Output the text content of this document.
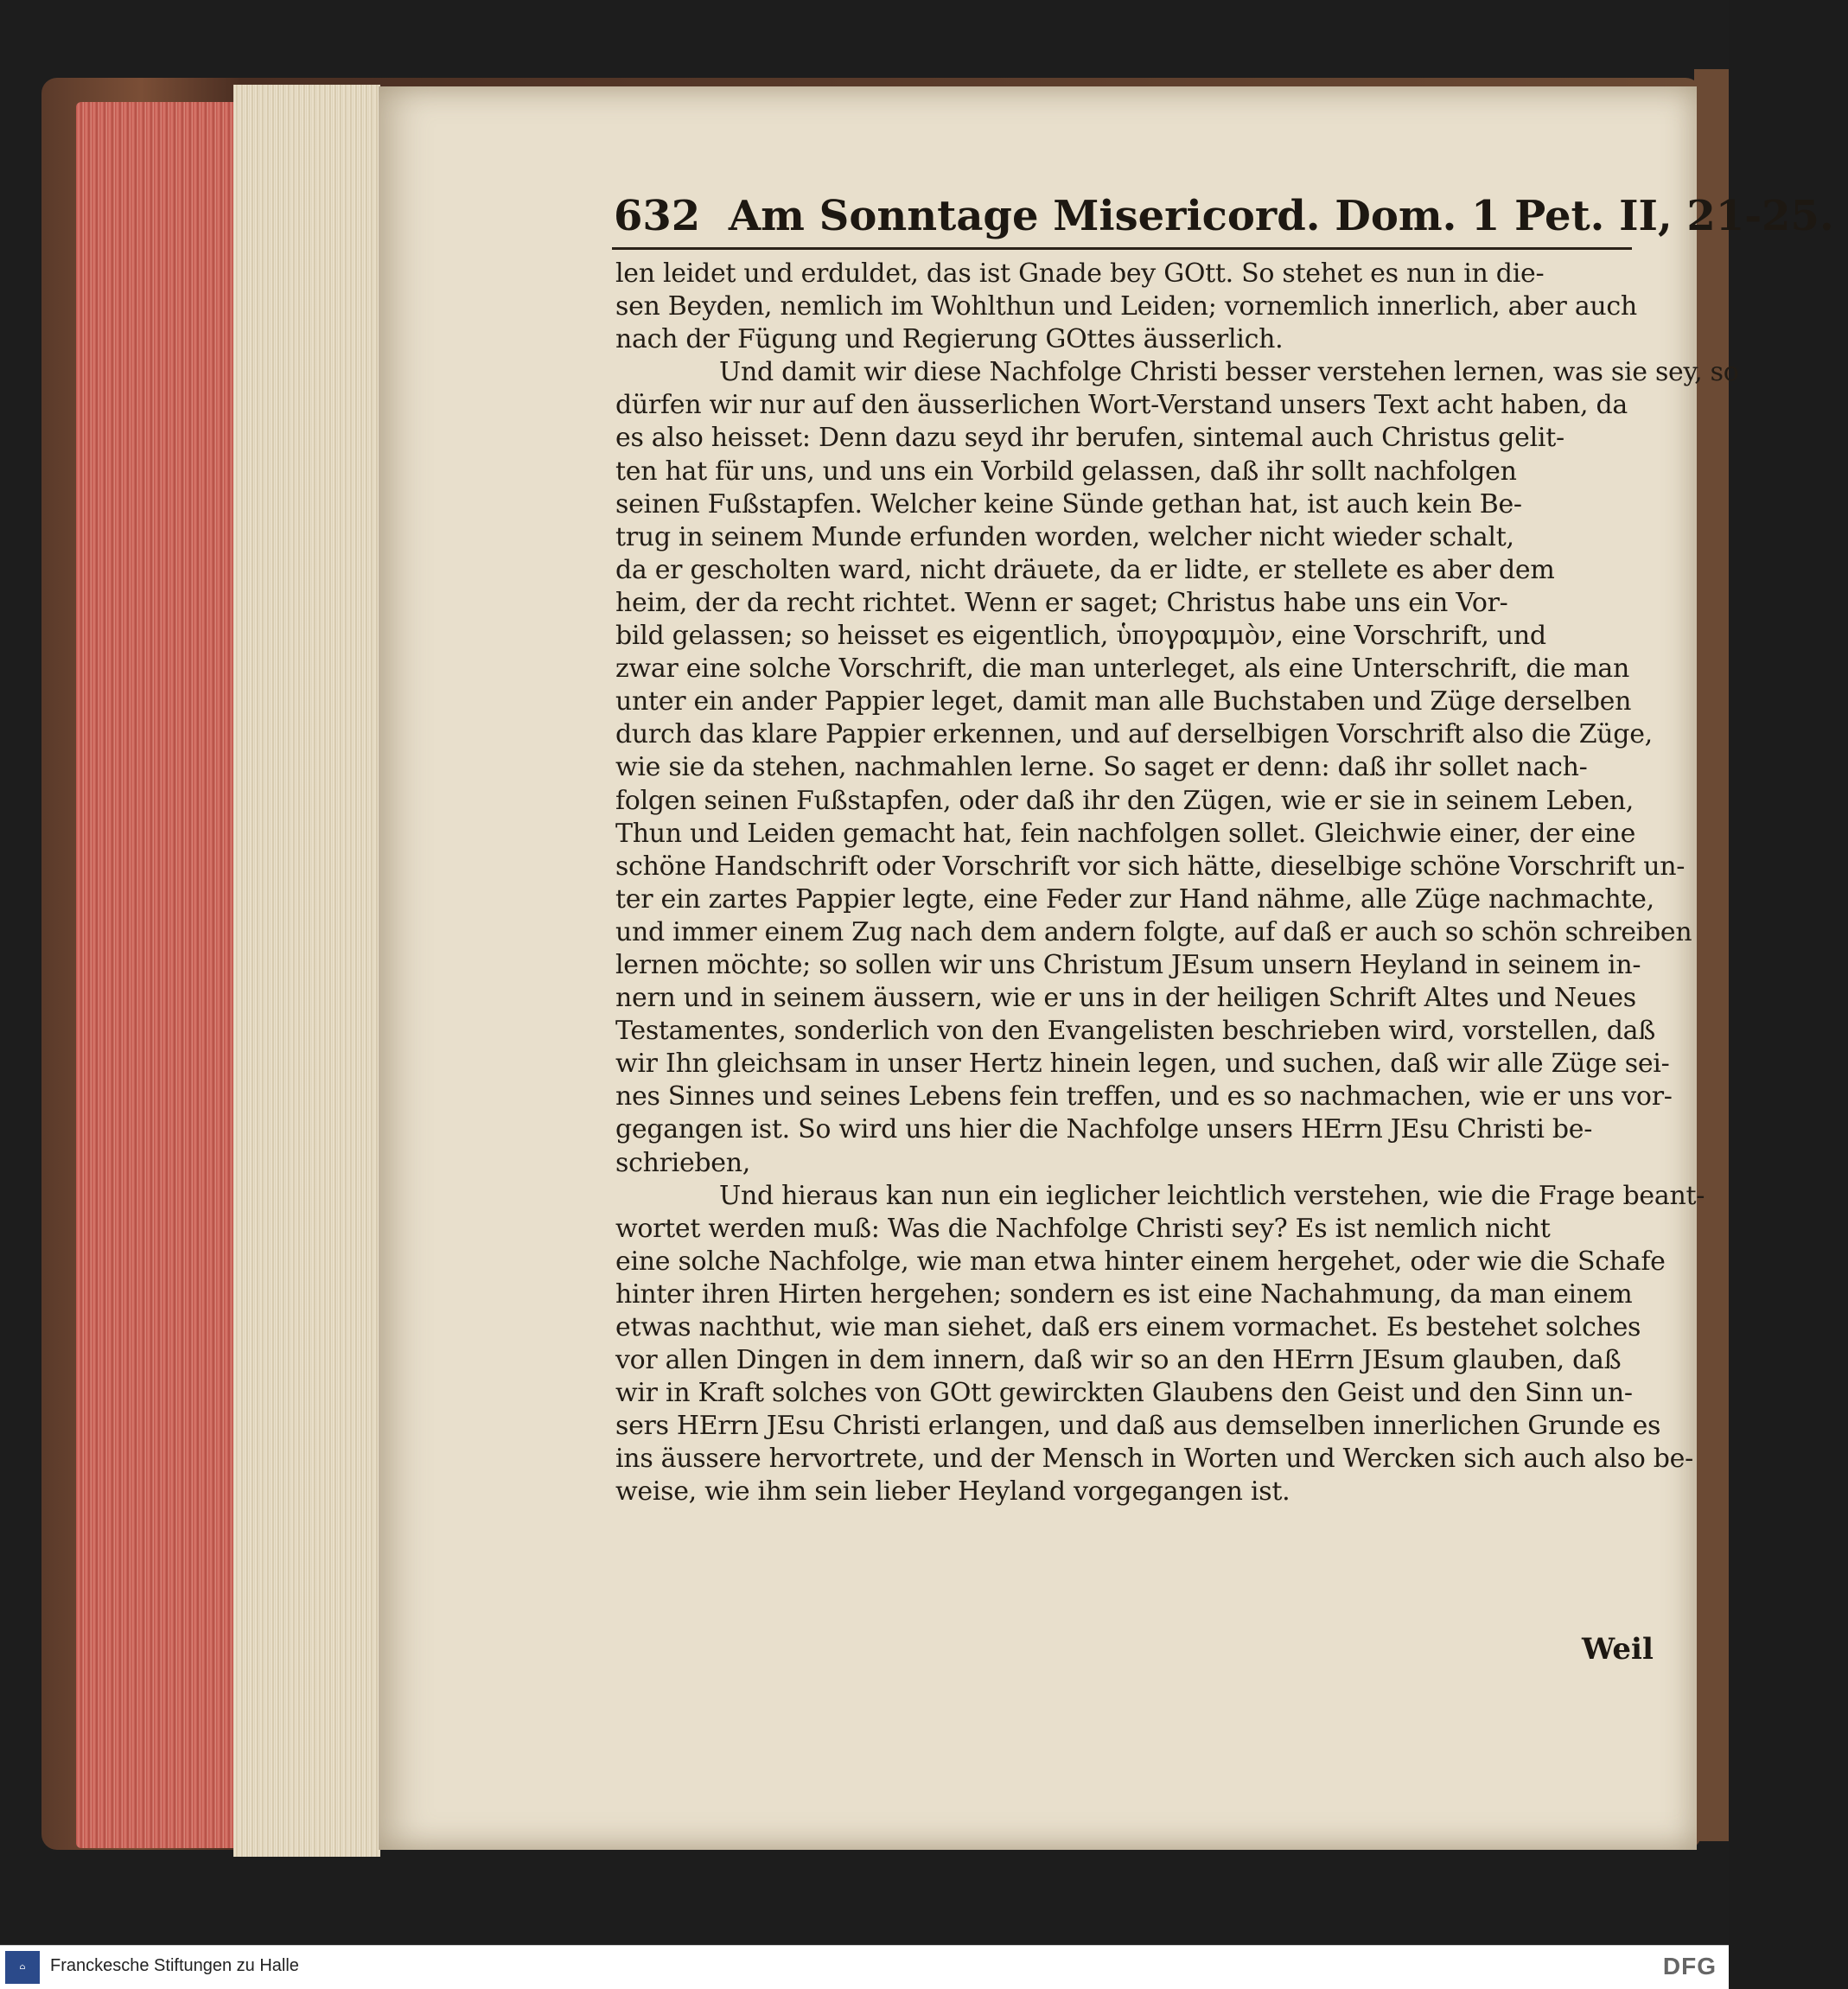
632 Am Sonntage Misericord. Dom. 1 Pet. II, 21-25.
len leidet und erduldet, das ist Gnade bey GOtt. So stehet es nun in die-
sen Beyden, nemlich im Wohlthun und Leiden; vornemlich innerlich, aber auch
nach der Fügung und Regierung GOttes äusserlich.
Und damit wir diese Nachfolge Christi besser verstehen lernen, was sie sey, so
dürfen wir nur auf den äusserlichen Wort-Verstand unsers Text acht haben, da
es also heisset: Denn dazu seyd ihr berufen, sintemal auch Christus gelit-
ten hat für uns, und uns ein Vorbild gelassen, daß ihr sollt nachfolgen
seinen Fußstapfen. Welcher keine Sünde gethan hat, ist auch kein Be-
trug in seinem Munde erfunden worden, welcher nicht wieder schalt,
da er gescholten ward, nicht dräuete, da er lidte, er stellete es aber dem
heim, der da recht richtet. Wenn er saget; Christus habe uns ein Vor-
bild gelassen; so heisset es eigentlich, ὑπογραμμὸν, eine Vorschrift, und
zwar eine solche Vorschrift, die man unterleget, als eine Unterschrift, die man
unter ein ander Pappier leget, damit man alle Buchstaben und Züge derselben
durch das klare Pappier erkennen, und auf derselbigen Vorschrift also die Züge,
wie sie da stehen, nachmahlen lerne. So saget er denn: daß ihr sollet nach-
folgen seinen Fußstapfen, oder daß ihr den Zügen, wie er sie in seinem Leben,
Thun und Leiden gemacht hat, fein nachfolgen sollet. Gleichwie einer, der eine
schöne Handschrift oder Vorschrift vor sich hätte, dieselbige schöne Vorschrift un-
ter ein zartes Pappier legte, eine Feder zur Hand nähme, alle Züge nachmachte,
und immer einem Zug nach dem andern folgte, auf daß er auch so schön schreiben
lernen möchte; so sollen wir uns Christum JEsum unsern Heyland in seinem in-
nern und in seinem äussern, wie er uns in der heiligen Schrift Altes und Neues
Testamentes, sonderlich von den Evangelisten beschrieben wird, vorstellen, daß
wir Ihn gleichsam in unser Hertz hinein legen, und suchen, daß wir alle Züge sei-
nes Sinnes und seines Lebens fein treffen, und es so nachmachen, wie er uns vor-
gegangen ist. So wird uns hier die Nachfolge unsers HErrn JEsu Christi be-
schrieben,
Und hieraus kan nun ein ieglicher leichtlich verstehen, wie die Frage beant-
wortet werden muß: Was die Nachfolge Christi sey? Es ist nemlich nicht
eine solche Nachfolge, wie man etwa hinter einem hergehet, oder wie die Schafe
hinter ihren Hirten hergehen; sondern es ist eine Nachahmung, da man einem
etwas nachthut, wie man siehet, daß ers einem vormachet. Es bestehet solches
vor allen Dingen in dem innern, daß wir so an den HErrn JEsum glauben, daß
wir in Kraft solches von GOtt gewirckten Glaubens den Geist und den Sinn un-
sers HErrn JEsu Christi erlangen, und daß aus demselben innerlichen Grunde es
ins äussere hervortrete, und der Mensch in Worten und Wercken sich auch also be-
weise, wie ihm sein lieber Heyland vorgegangen ist.
Weil
⌂	Franckesche Stiftungen zu Halle	DFG
